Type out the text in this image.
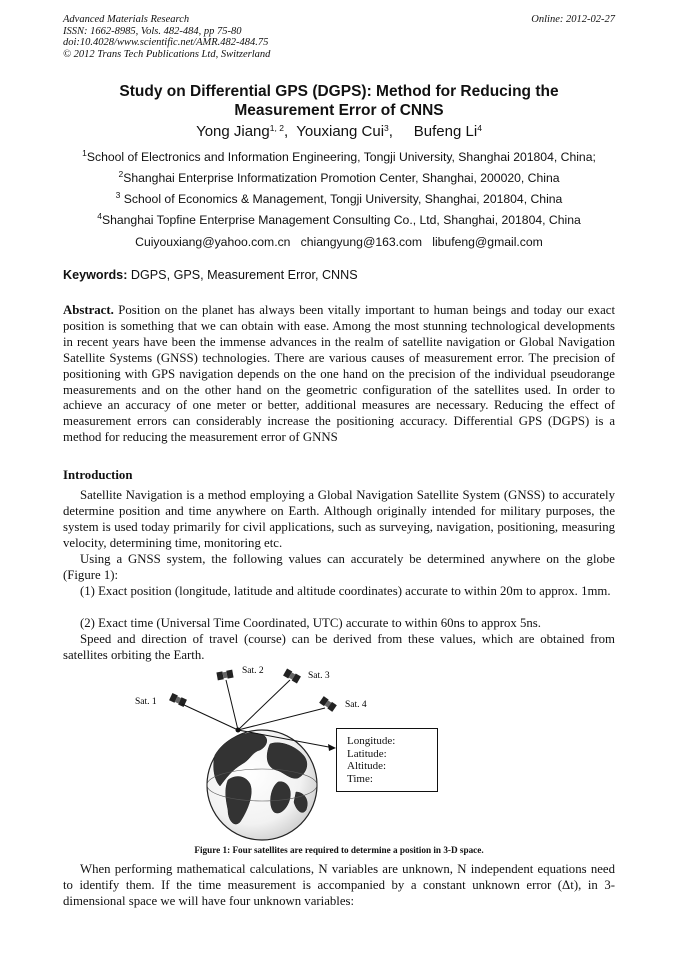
Advanced Materials Research
ISSN: 1662-8985, Vols. 482-484, pp 75-80
doi:10.4028/www.scientific.net/AMR.482-484.75
© 2012 Trans Tech Publications Ltd, Switzerland
Online: 2012-02-27
Study on Differential GPS (DGPS): Method for Reducing the
Measurement Error of CNNS
Yong Jiang$^{1, 2}$,  Youxiang Cui$^3$,     Bufeng Li$^4$
$^1$School of Electronics and Information Engineering, Tongji University, Shanghai 201804, China;
$^2$Shanghai Enterprise Informatization Promotion Center, Shanghai, 200020, China
$^3$ School of Economics & Management, Tongji University, Shanghai, 201804, China
$^4$Shanghai Topfine Enterprise Management Consulting Co., Ltd, Shanghai, 201804, China
Cuiyouxiang@yahoo.com.cn   chiangyung@163.com   libufeng@gmail.com
Keywords: DGPS, GPS, Measurement Error, CNNS
Abstract. Position on the planet has always been vitally important to human beings and today our exact position is something that we can obtain with ease. Among the most stunning technological developments in recent years have been the immense advances in the realm of satellite navigation or Global Navigation Satellite Systems (GNSS) technologies. There are various causes of measurement error. The precision of positioning with GPS navigation depends on the one hand on the precision of the individual pseudorange measurements and on the other hand on the geometric configuration of the satellites used. In order to achieve an accuracy of one meter or better, additional measures are necessary. Reducing the effect of measurement errors can considerably increase the positioning accuracy. Differential GPS (DGPS) is a method for reducing the measurement error of GNNS
Introduction
Satellite Navigation is a method employing a Global Navigation Satellite System (GNSS) to accurately determine position and time anywhere on Earth. Although originally intended for military purposes, the system is used today primarily for civil applications, such as surveying, navigation, positioning, measuring velocity, determining time, monitoring etc.
Using a GNSS system, the following values can accurately be determined anywhere on the globe (Figure 1):
(1) Exact position (longitude, latitude and altitude coordinates) accurate to within 20m to approx. 1mm.
(2) Exact time (Universal Time Coordinated, UTC) accurate to within 60ns to approx 5ns.
Speed and direction of travel (course) can be derived from these values, which are obtained from satellites orbiting the Earth.
Sat. 1
Sat. 2	Sat. 3
Sat. 4
Longitude:
Latitude:
Altitude:
Time:
Figure 1: Four satellites are required to determine a position in 3-D space.
When performing mathematical calculations, N variables are unknown, N independent equations need to identify them. If the time measurement is accompanied by a constant unknown error (Δt), in 3-dimensional space we will have four unknown variables:
